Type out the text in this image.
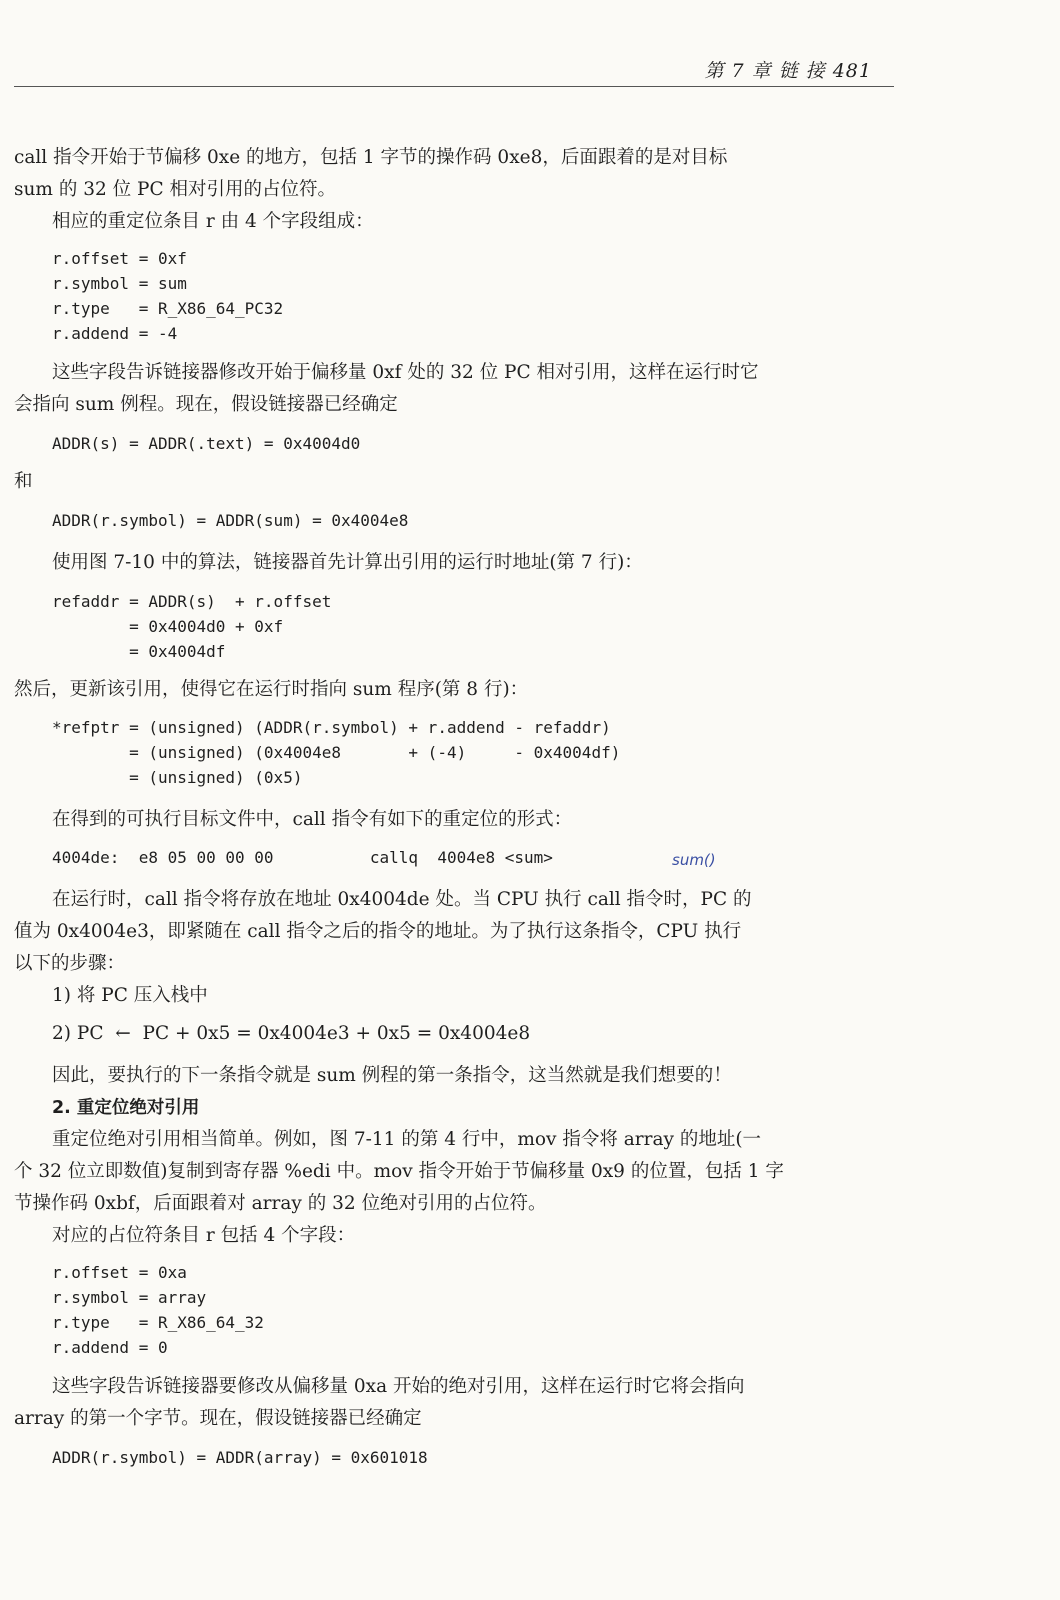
第 7 章 链 接 481
call 指令开始于节偏移 0xe 的地方，包括 1 字节的操作码 0xe8，后面跟着的是对目标
sum 的 32 位 PC 相对引用的占位符。
相应的重定位条目 r 由 4 个字段组成：
r.offset = 0xf
r.symbol = sum
r.type   = R_X86_64_PC32
r.addend = -4
这些字段告诉链接器修改开始于偏移量 0xf 处的 32 位 PC 相对引用，这样在运行时它
会指向 sum 例程。现在，假设链接器已经确定
ADDR(s) = ADDR(.text) = 0x4004d0
和
ADDR(r.symbol) = ADDR(sum) = 0x4004e8
使用图 7-10 中的算法，链接器首先计算出引用的运行时地址(第 7 行)：
refaddr = ADDR(s)  + r.offset
= 0x4004d0 + 0xf
= 0x4004df
然后，更新该引用，使得它在运行时指向 sum 程序(第 8 行)：
*refptr = (unsigned) (ADDR(r.symbol) + r.addend - refaddr)
= (unsigned) (0x4004e8       + (-4)     - 0x4004df)
= (unsigned) (0x5)
在得到的可执行目标文件中，call 指令有如下的重定位的形式：
4004de:  e8 05 00 00 00          callq  4004e8 <sum>
在运行时，call 指令将存放在地址 0x4004de 处。当 CPU 执行 call 指令时，PC 的
值为 0x4004e3，即紧随在 call 指令之后的指令的地址。为了执行这条指令，CPU 执行
以下的步骤：
1) 将 PC 压入栈中
2) PC  ←  PC + 0x5 = 0x4004e3 + 0x5 = 0x4004e8
因此，要执行的下一条指令就是 sum 例程的第一条指令，这当然就是我们想要的！
2. 重定位绝对引用
重定位绝对引用相当简单。例如，图 7-11 的第 4 行中，mov 指令将 array 的地址(一
个 32 位立即数值)复制到寄存器 %edi 中。mov 指令开始于节偏移量 0x9 的位置，包括 1 字
节操作码 0xbf，后面跟着对 array 的 32 位绝对引用的占位符。
对应的占位符条目 r 包括 4 个字段：
r.offset = 0xa
r.symbol = array
r.type   = R_X86_64_32
r.addend = 0
这些字段告诉链接器要修改从偏移量 0xa 开始的绝对引用，这样在运行时它将会指向
array 的第一个字节。现在，假设链接器已经确定
ADDR(r.symbol) = ADDR(array) = 0x601018
sum()
